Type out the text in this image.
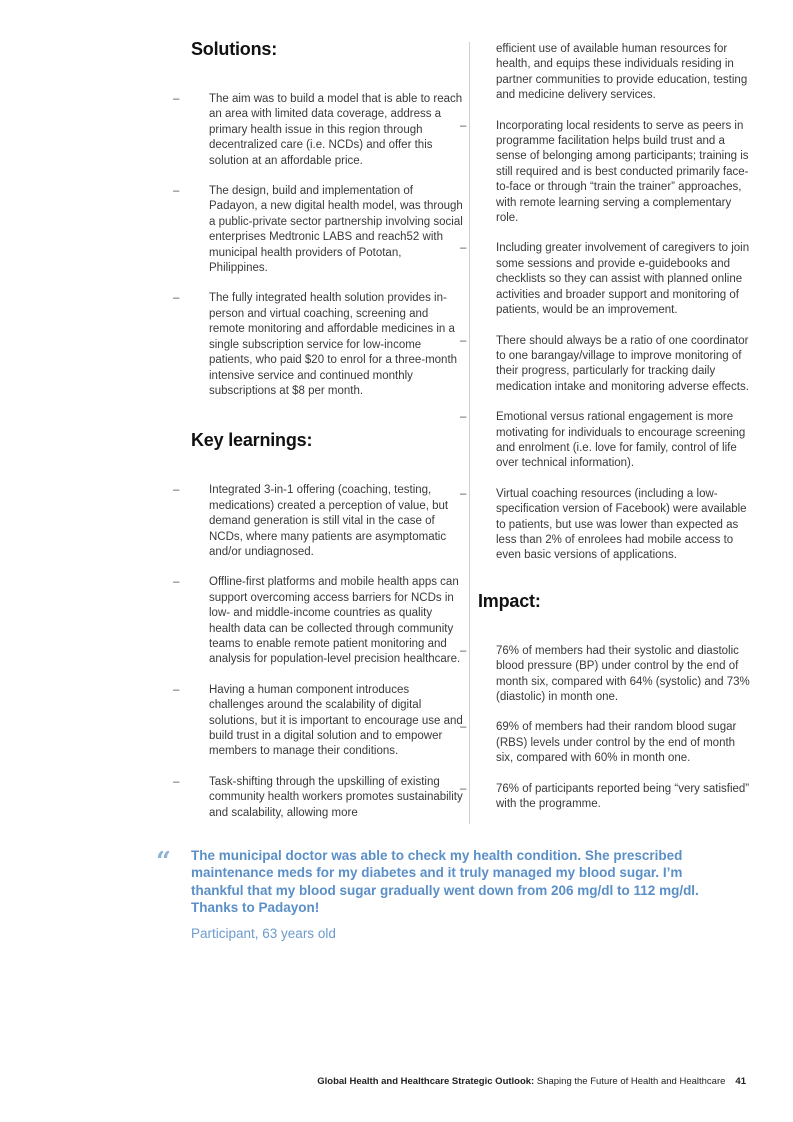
Solutions:
– The aim was to build a model that is able to reach an area with limited data coverage, address a primary health issue in this region through decentralized care (i.e. NCDs) and offer this solution at an affordable price.
– The design, build and implementation of Padayon, a new digital health model, was through a public-private sector partnership involving social enterprises Medtronic LABS and reach52 with municipal health providers of Pototan, Philippines.
– The fully integrated health solution provides in-person and virtual coaching, screening and remote monitoring and affordable medicines in a single subscription service for low-income patients, who paid $20 to enrol for a three-month intensive service and continued monthly subscriptions at $8 per month.
Key learnings:
– Integrated 3-in-1 offering (coaching, testing, medications) created a perception of value, but demand generation is still vital in the case of NCDs, where many patients are asymptomatic and/or undiagnosed.
– Offline-first platforms and mobile health apps can support overcoming access barriers for NCDs in low- and middle-income countries as quality health data can be collected through community teams to enable remote patient monitoring and analysis for population-level precision healthcare.
– Having a human component introduces challenges around the scalability of digital solutions, but it is important to encourage use and build trust in a digital solution and to empower members to manage their conditions.
– Task-shifting through the upskilling of existing community health workers promotes sustainability and scalability, allowing more
efficient use of available human resources for health, and equips these individuals residing in partner communities to provide education, testing and medicine delivery services.
– Incorporating local residents to serve as peers in programme facilitation helps build trust and a sense of belonging among participants; training is still required and is best conducted primarily face-to-face or through “train the trainer” approaches, with remote learning serving a complementary role.
– Including greater involvement of caregivers to join some sessions and provide e-guidebooks and checklists so they can assist with planned online activities and broader support and monitoring of patients, would be an improvement.
– There should always be a ratio of one coordinator to one barangay/village to improve monitoring of their progress, particularly for tracking daily medication intake and monitoring adverse effects.
– Emotional versus rational engagement is more motivating for individuals to encourage screening and enrolment (i.e. love for family, control of life over technical information).
– Virtual coaching resources (including a low-specification version of Facebook) were available to patients, but use was lower than expected as less than 2% of enrolees had mobile access to even basic versions of applications.
Impact:
– 76% of members had their systolic and diastolic blood pressure (BP) under control by the end of month six, compared with 64% (systolic) and 73% (diastolic) in month one.
– 69% of members had their random blood sugar (RBS) levels under control by the end of month six, compared with 60% in month one.
– 76% of participants reported being “very satisfied” with the programme.
“	The municipal doctor was able to check my health condition. She prescribed maintenance meds for my diabetes and it truly managed my blood sugar. I’m thankful that my blood sugar gradually went down from 206 mg/dl to 112 mg/dl. Thanks to Padayon!

Participant, 63 years old

Global Health and Healthcare Strategic Outlook: Shaping the Future of Health and Healthcare 41
